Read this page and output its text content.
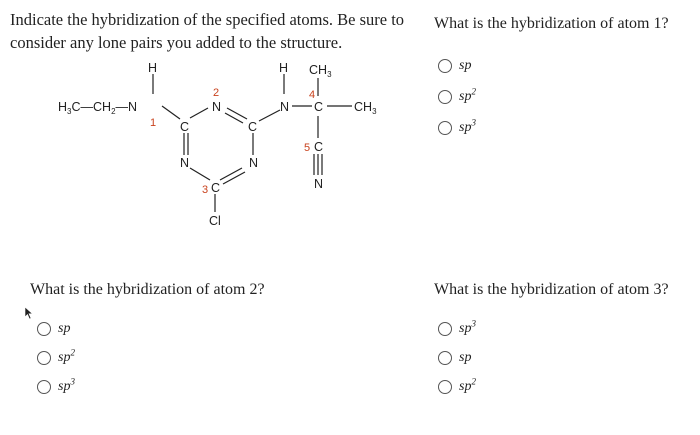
Indicate the hybridization of the specified atoms. Be sure to consider any lone pairs you added to the structure.
H
$H_3C—CH_2—N$
1
2
N
C	C
N	N
3 C
Cl
H
N
4
C
$CH_3$
$CH_3$
5 C
N
What is the hybridization of atom 1?
sp
$sp^2$
$sp^3$
What is the hybridization of atom 2?
sp
$sp^2$
$sp^3$
What is the hybridization of atom 3?
$sp^3$
sp
$sp^2$
